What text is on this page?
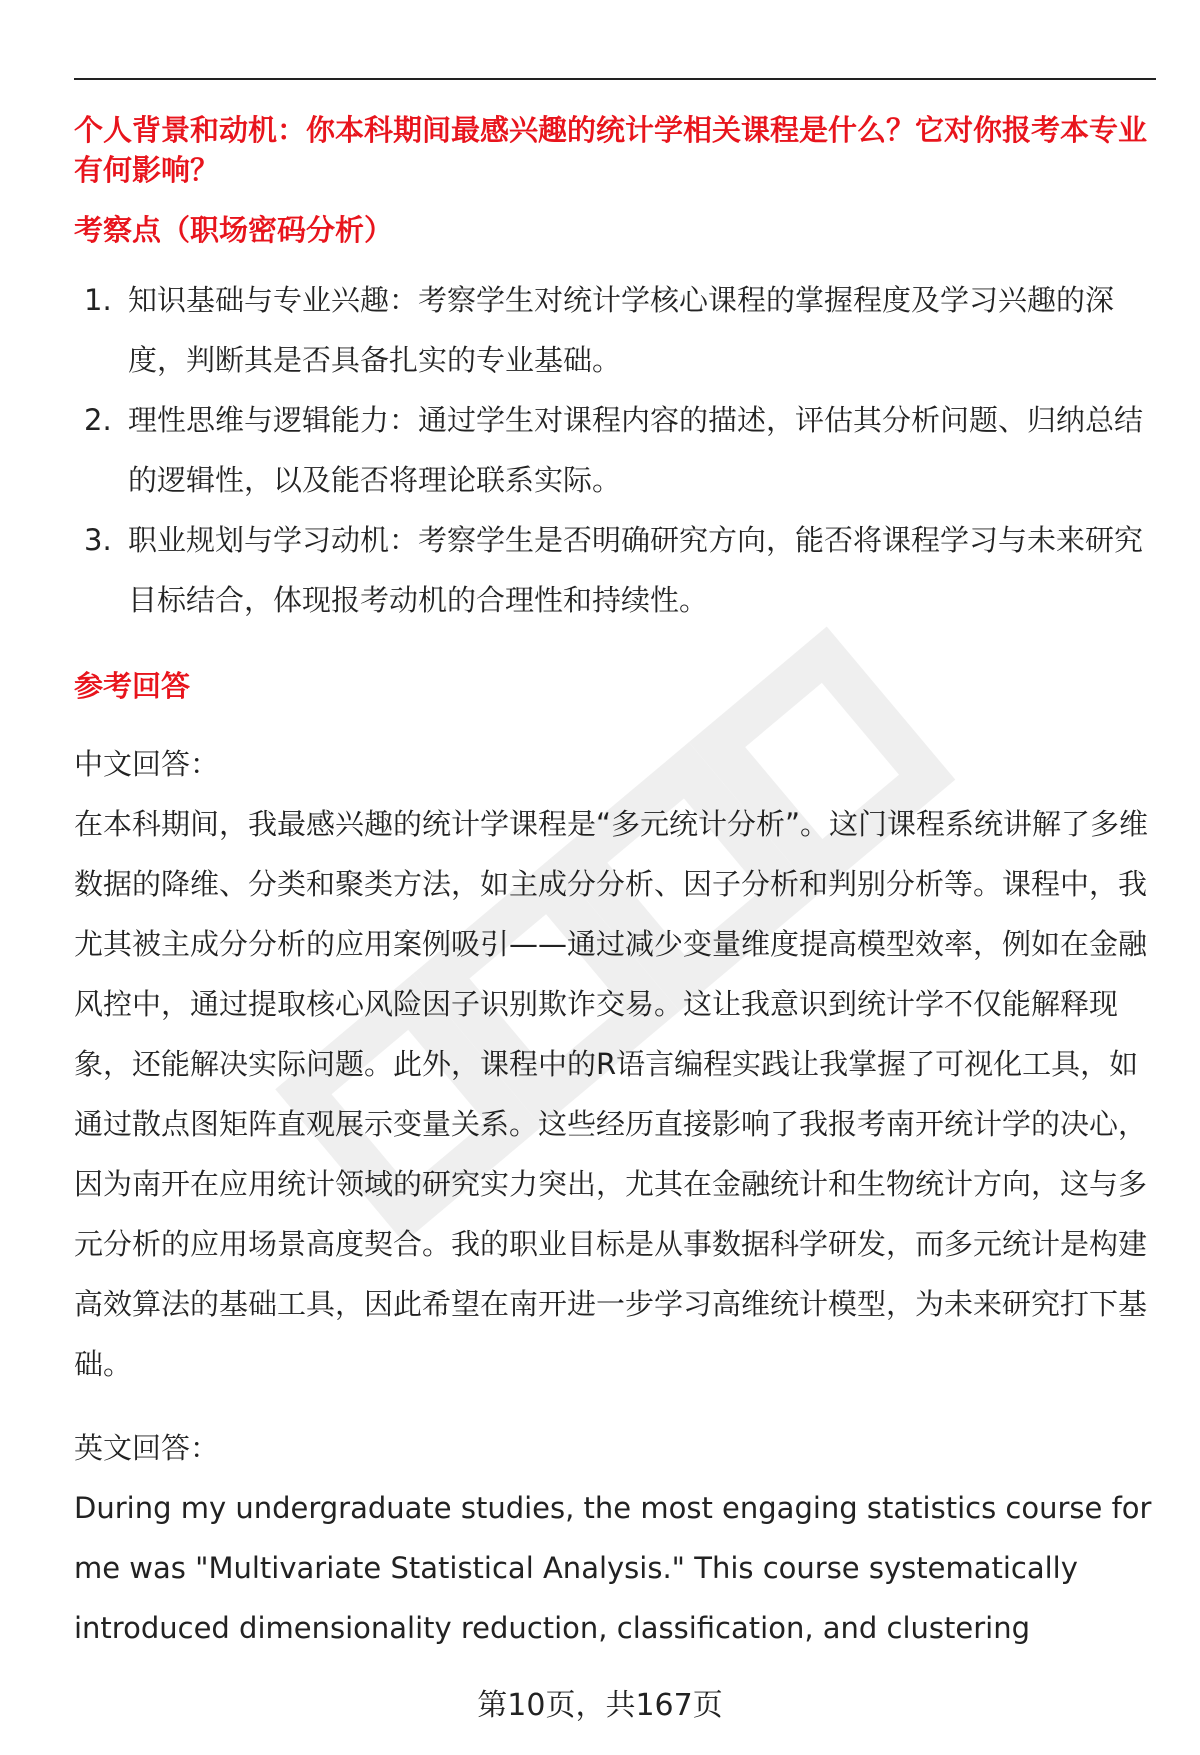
个人背景和动机：你本科期间最感兴趣的统计学相关课程是什么？它对你报考本专业有何影响？

考察点（职场密码分析）

1. 知识基础与专业兴趣：考察学生对统计学核心课程的掌握程度及学习兴趣的深度，判断其是否具备扎实的专业基础。
2. 理性思维与逻辑能力：通过学生对课程内容的描述，评估其分析问题、归纳总结的逻辑性，以及能否将理论联系实际。
3. 职业规划与学习动机：考察学生是否明确研究方向，能否将课程学习与未来研究目标结合，体现报考动机的合理性和持续性。

参考回答

中文回答：

在本科期间，我最感兴趣的统计学课程是“多元统计分析”。这门课程系统讲解了多维数据的降维、分类和聚类方法，如主成分分析、因子分析和判别分析等。课程中，我尤其被主成分分析的应用案例吸引——通过减少变量维度提高模型效率，例如在金融风控中，通过提取核心风险因子识别欺诈交易。这让我意识到统计学不仅能解释现象，还能解决实际问题。此外，课程中的R语言编程实践让我掌握了可视化工具，如通过散点图矩阵直观展示变量关系。这些经历直接影响了我报考南开统计学的决心，因为南开在应用统计领域的研究实力突出，尤其在金融统计和生物统计方向，这与多元分析的应用场景高度契合。我的职业目标是从事数据科学研发，而多元统计是构建高效算法的基础工具，因此希望在南开进一步学习高维统计模型，为未来研究打下基础。

英文回答：

During my undergraduate studies, the most engaging statistics course for me was "Multivariate Statistical Analysis." This course systematically introduced dimensionality reduction, classification, and clustering

第10页，共167页
